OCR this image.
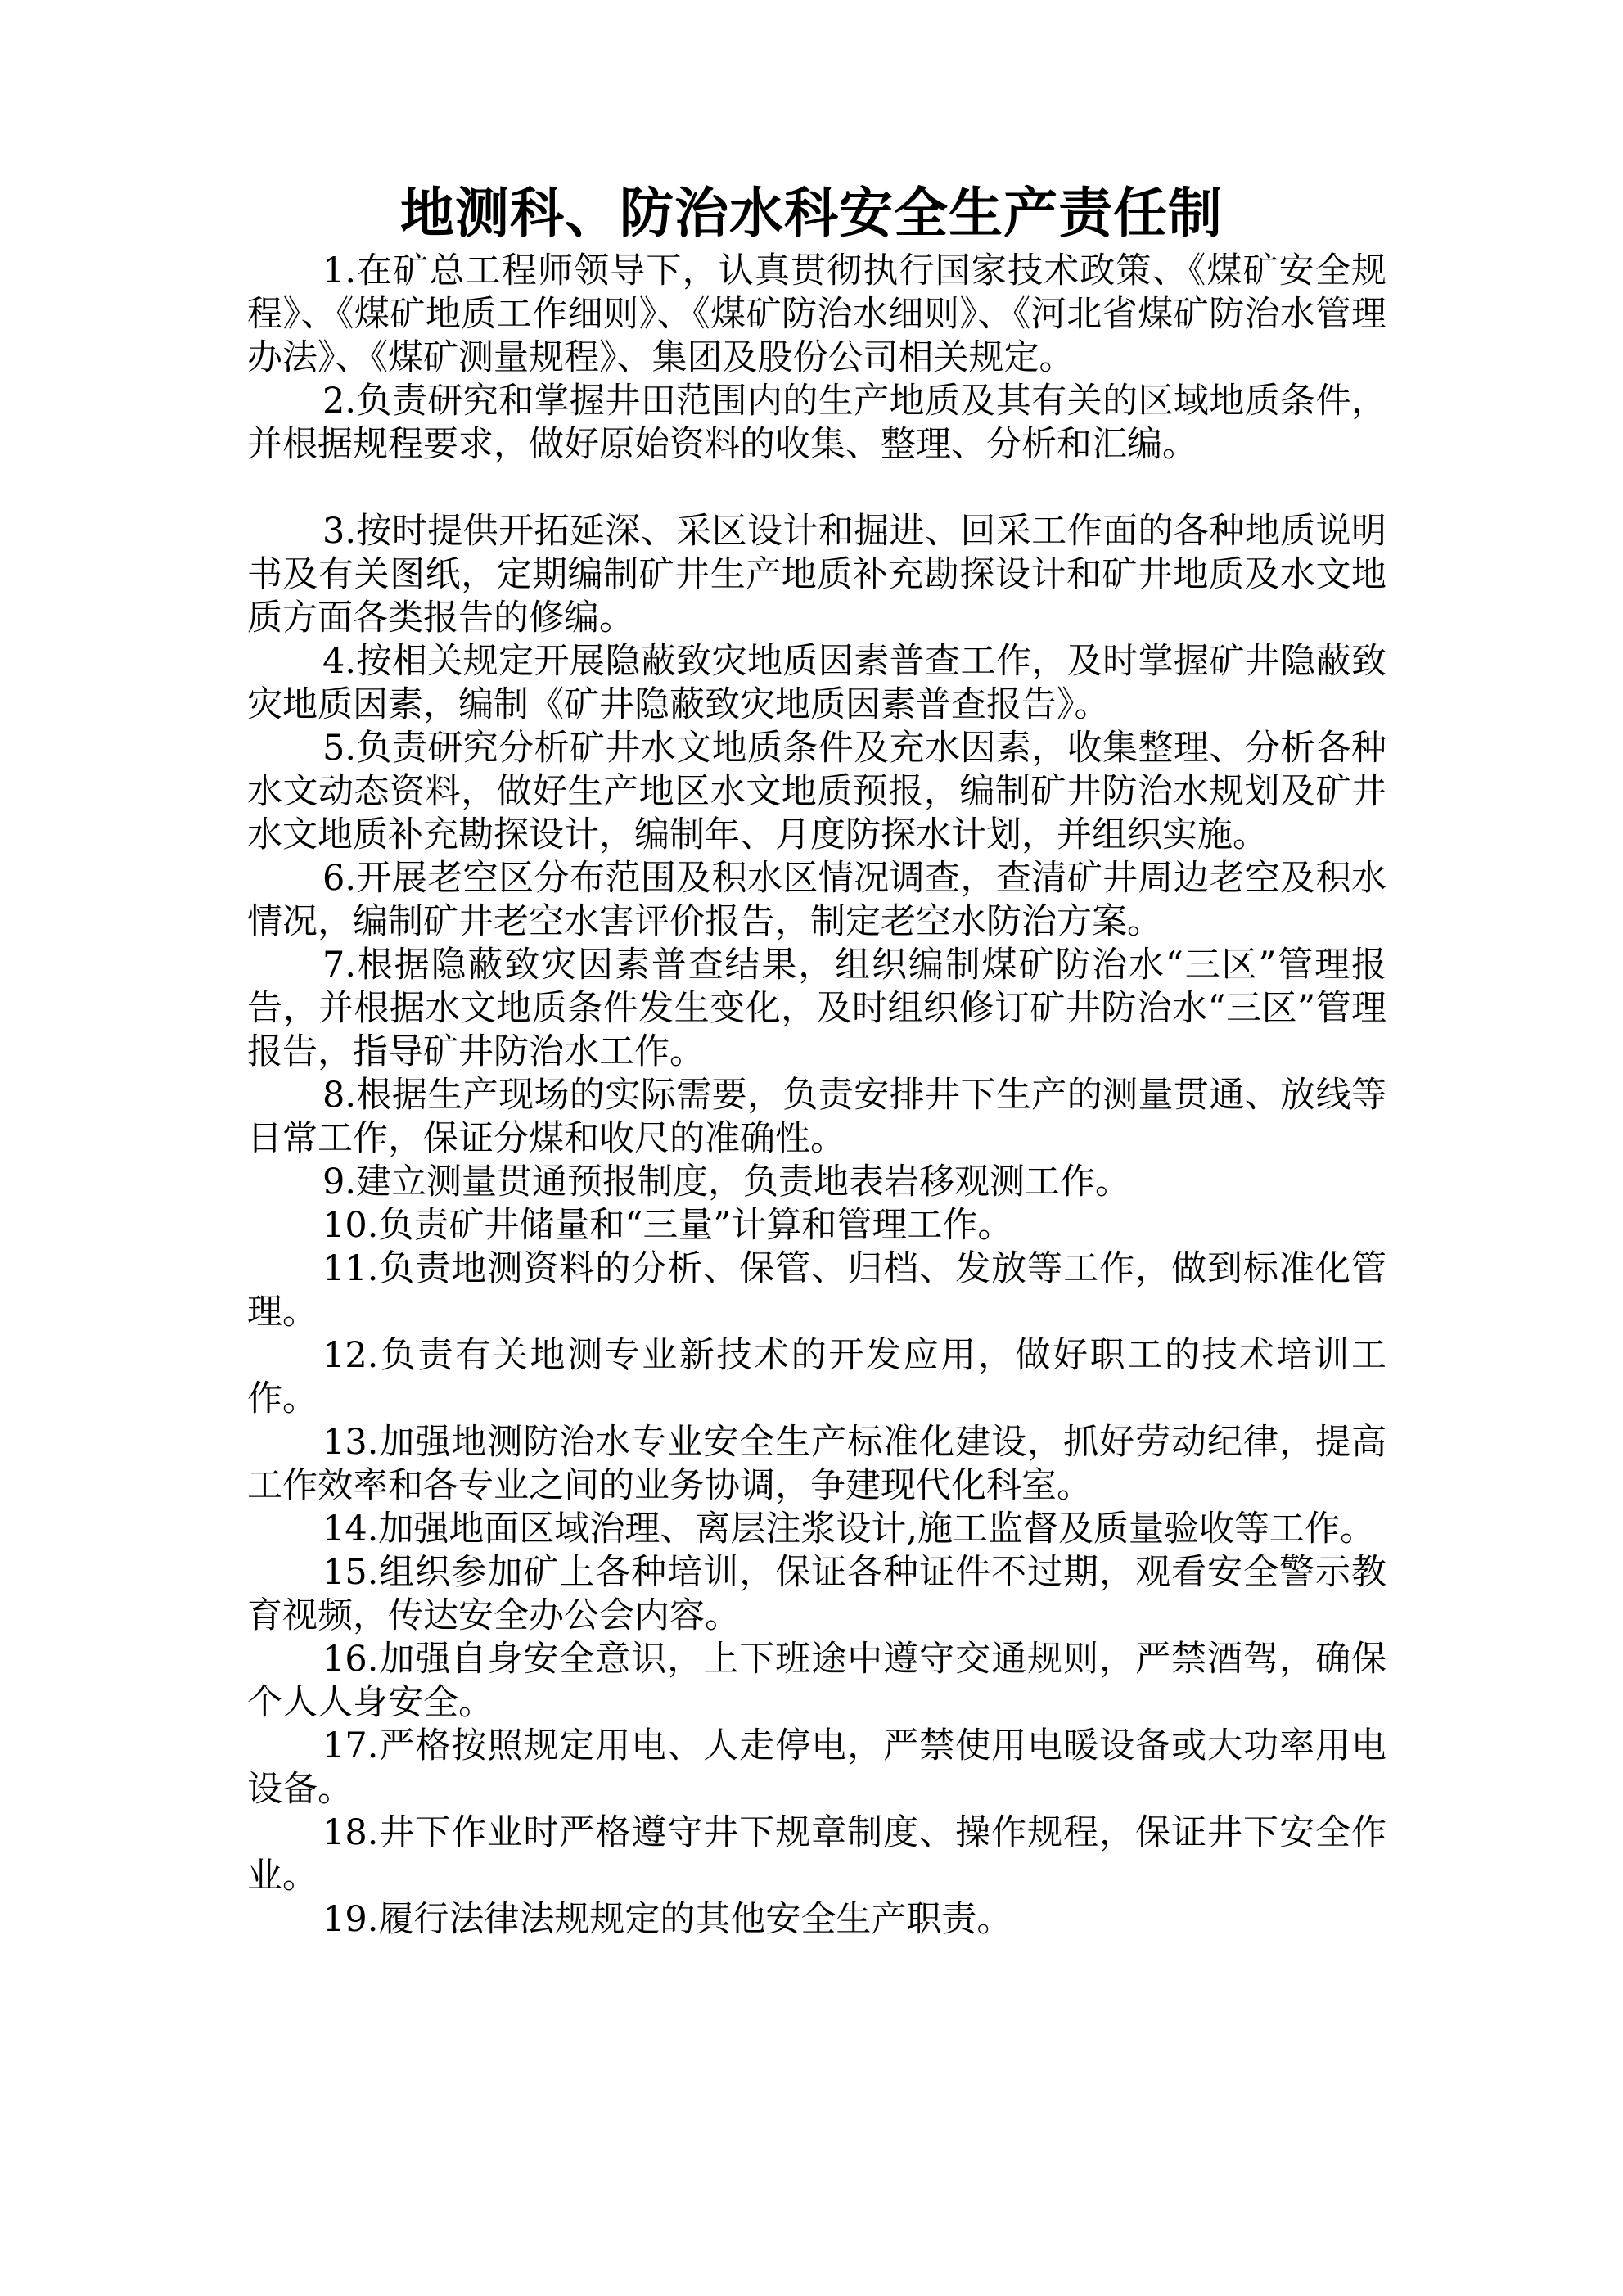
地测科、防治水科安全生产责任制

1.在矿总工程师领导下，认真贯彻执行国家技术政策、《煤矿安全规程》、《煤矿地质工作细则》、《煤矿防治水细则》、《河北省煤矿防治水管理办法》、《煤矿测量规程》、集团及股份公司相关规定。

2.负责研究和掌握井田范围内的生产地质及其有关的区域地质条件，并根据规程要求，做好原始资料的收集、整理、分析和汇编。

3.按时提供开拓延深、采区设计和掘进、回采工作面的各种地质说明书及有关图纸，定期编制矿井生产地质补充勘探设计和矿井地质及水文地质方面各类报告的修编。

4.按相关规定开展隐蔽致灾地质因素普查工作，及时掌握矿井隐蔽致灾地质因素，编制《矿井隐蔽致灾地质因素普查报告》。

5.负责研究分析矿井水文地质条件及充水因素，收集整理、分析各种水文动态资料，做好生产地区水文地质预报，编制矿井防治水规划及矿井水文地质补充勘探设计，编制年、月度防探水计划，并组织实施。

6.开展老空区分布范围及积水区情况调查，查清矿井周边老空及积水情况，编制矿井老空水害评价报告，制定老空水防治方案。

7.根据隐蔽致灾因素普查结果，组织编制煤矿防治水“三区”管理报告，并根据水文地质条件发生变化，及时组织修订矿井防治水“三区”管理报告，指导矿井防治水工作。

8.根据生产现场的实际需要，负责安排井下生产的测量贯通、放线等日常工作，保证分煤和收尺的准确性。

9.建立测量贯通预报制度，负责地表岩移观测工作。

10.负责矿井储量和“三量”计算和管理工作。

11.负责地测资料的分析、保管、归档、发放等工作，做到标准化管理。

12.负责有关地测专业新技术的开发应用，做好职工的技术培训工作。

13.加强地测防治水专业安全生产标准化建设，抓好劳动纪律，提高工作效率和各专业之间的业务协调，争建现代化科室。

14.加强地面区域治理、离层注浆设计,施工监督及质量验收等工作。

15.组织参加矿上各种培训，保证各种证件不过期，观看安全警示教育视频，传达安全办公会内容。

16.加强自身安全意识，上下班途中遵守交通规则，严禁酒驾，确保个人人身安全。

17.严格按照规定用电、人走停电，严禁使用电暖设备或大功率用电设备。

18.井下作业时严格遵守井下规章制度、操作规程，保证井下安全作业。

19.履行法律法规规定的其他安全生产职责。
